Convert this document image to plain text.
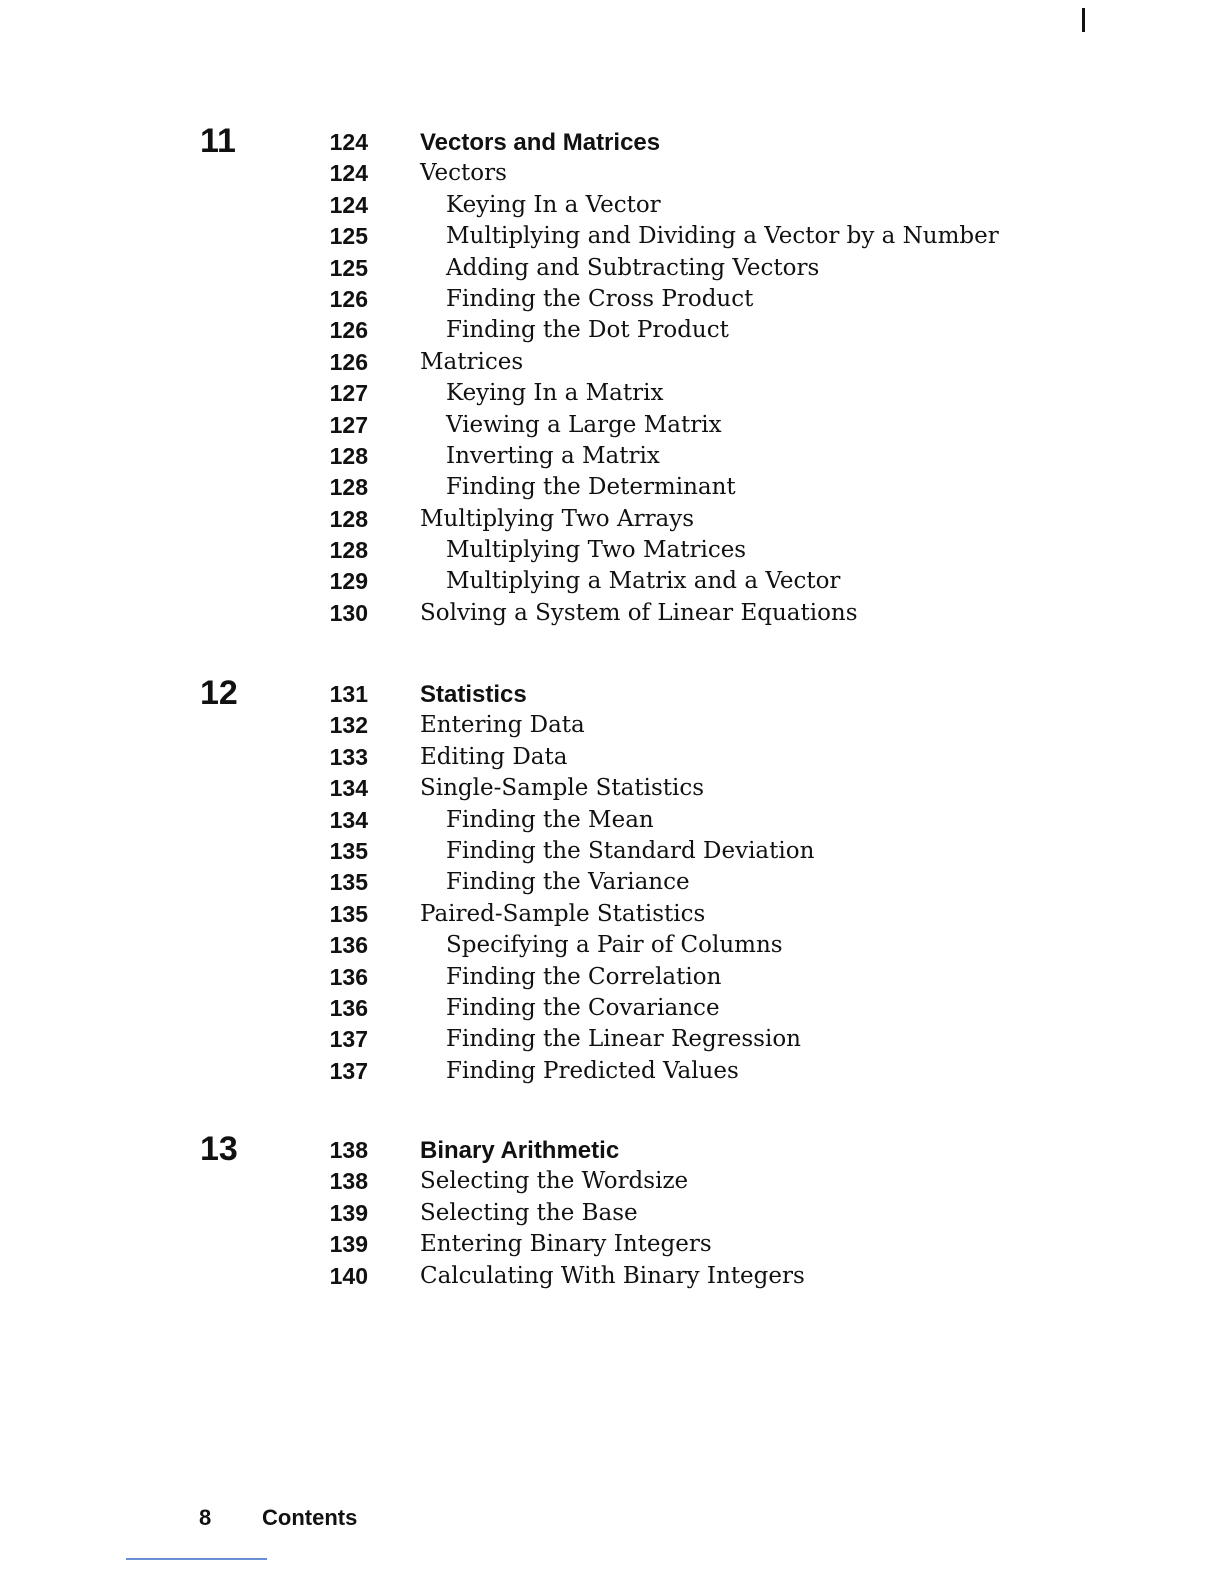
11	124 Vectors and Matrices
124 Vectors
124	Keying In a Vector
125	Multiplying and Dividing a Vector by a Number
125	Adding and Subtracting Vectors
126	Finding the Cross Product
126	Finding the Dot Product
126 Matrices
127	Keying In a Matrix
127	Viewing a Large Matrix
128	Inverting a Matrix
128	Finding the Determinant
128 Multiplying Two Arrays
128	Multiplying Two Matrices
129	Multiplying a Matrix and a Vector
130 Solving a System of Linear Equations
12	131 Statistics
132 Entering Data
133 Editing Data
134 Single-Sample Statistics
134	Finding the Mean
135	Finding the Standard Deviation
135	Finding the Variance
135 Paired-Sample Statistics
136	Specifying a Pair of Columns
136	Finding the Correlation
136	Finding the Covariance
137	Finding the Linear Regression
137	Finding Predicted Values
13	138 Binary Arithmetic
138 Selecting the Wordsize
139 Selecting the Base
139 Entering Binary Integers
140 Calculating With Binary Integers
8 Contents
